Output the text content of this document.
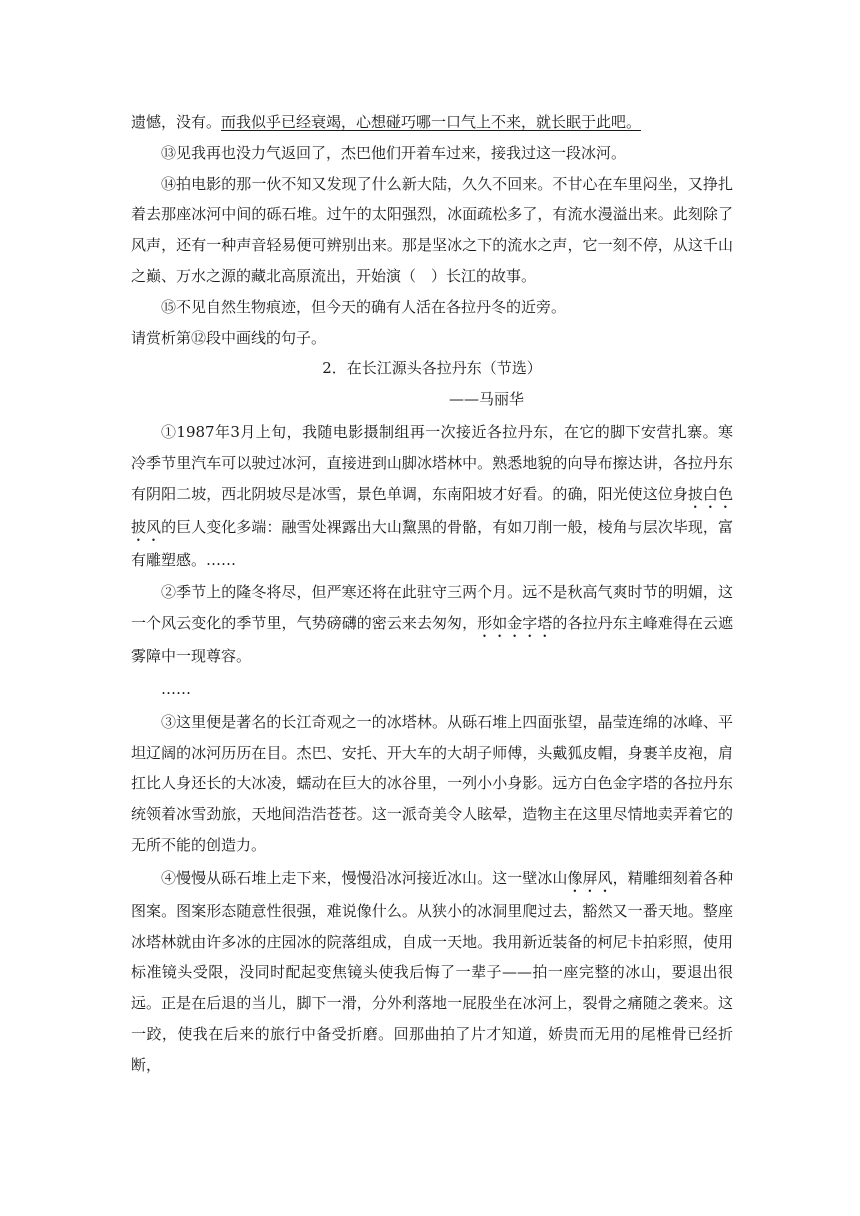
遗憾，没有。而我似乎已经衰竭，心想碰巧哪一口气上不来，就长眠于此吧。

⑬见我再也没力气返回了，杰巴他们开着车过来，接我过这一段冰河。

⑭拍电影的那一伙不知又发现了什么新大陆，久久不回来。不甘心在车里闷坐，又挣扎着去那座冰河中间的砾石堆。过午的太阳强烈，冰面疏松多了，有流水漫溢出来。此刻除了风声，还有一种声音轻易便可辨别出来。那是坚冰之下的流水之声，它一刻不停，从这千山之巅、万水之源的藏北高原流出，开始演（　）长江的故事。

⑮不见自然生物痕迹，但今天的确有人活在各拉丹冬的近旁。

请赏析第⑫段中画线的句子。

2．在长江源头各拉丹东（节选）

——马丽华

①1987年3月上旬，我随电影摄制组再一次接近各拉丹东，在它的脚下安营扎寨。寒冷季节里汽车可以驶过冰河，直接进到山脚冰塔林中。熟悉地貌的向导布擦达讲，各拉丹东有阴阳二坡，西北阴坡尽是冰雪，景色单调，东南阳坡才好看。的确，阳光使这位身披白色披风的巨人变化多端：融雪处裸露出大山黧黑的骨骼，有如刀削一般，棱角与层次毕现，富有雕塑感。……

②季节上的隆冬将尽，但严寒还将在此驻守三两个月。远不是秋高气爽时节的明媚，这一个风云变化的季节里，气势磅礴的密云来去匆匆，形如金字塔的各拉丹东主峰难得在云遮雾障中一现尊容。

……

③这里便是著名的长江奇观之一的冰塔林。从砾石堆上四面张望，晶莹连绵的冰峰、平坦辽阔的冰河历历在目。杰巴、安托、开大车的大胡子师傅，头戴狐皮帽，身裹羊皮袍，肩扛比人身还长的大冰凌，蠕动在巨大的冰谷里，一列小小身影。远方白色金字塔的各拉丹东统领着冰雪劲旅，天地间浩浩苍苍。这一派奇美令人眩晕，造物主在这里尽情地卖弄着它的无所不能的创造力。

④慢慢从砾石堆上走下来，慢慢沿冰河接近冰山。这一壁冰山像屏风，精雕细刻着各种图案。图案形态随意性很强，难说像什么。从狭小的冰洞里爬过去，豁然又一番天地。整座冰塔林就由许多冰的庄园冰的院落组成，自成一天地。我用新近装备的柯尼卡拍彩照，使用标准镜头受限，没同时配起变焦镜头使我后悔了一辈子——拍一座完整的冰山，要退出很远。正是在后退的当儿，脚下一滑，分外利落地一屁股坐在冰河上，裂骨之痛随之袭来。这一跤，使我在后来的旅行中备受折磨。回那曲拍了片才知道，娇贵而无用的尾椎骨已经折断，
